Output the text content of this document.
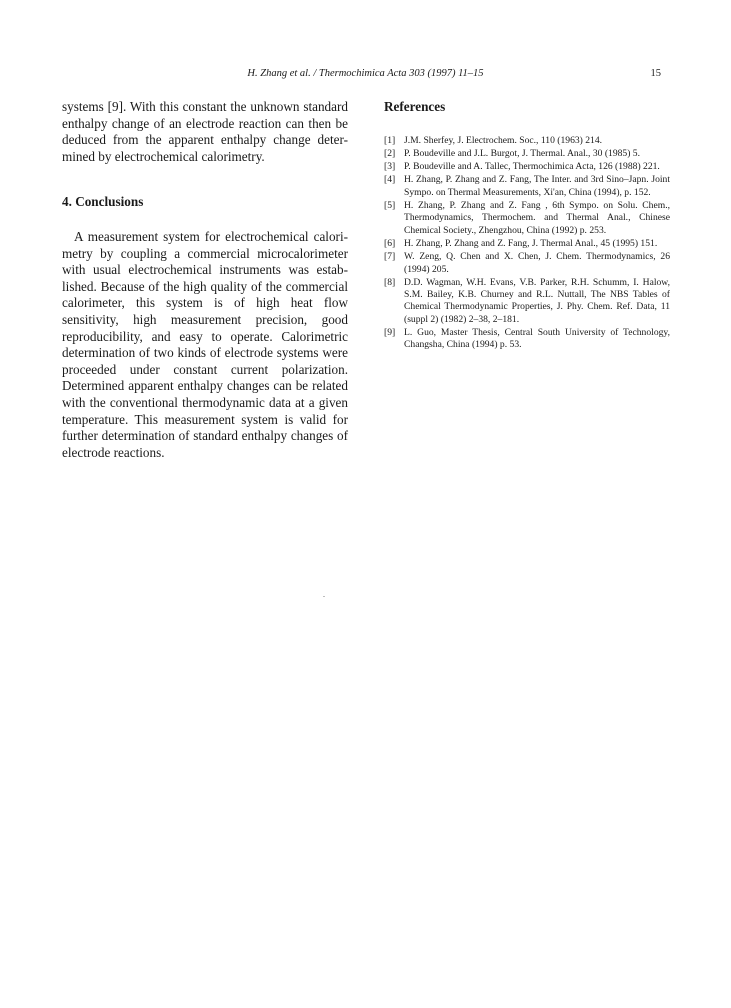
H. Zhang et al. / Thermochimica Acta 303 (1997) 11–15	15

systems [9]. With this constant the unknown standard enthalpy change of an electrode reaction can then be deduced from the apparent enthalpy change deter- mined by electrochemical calorimetry.

4. Conclusions

A measurement system for electrochemical calori- metry by coupling a commercial microcalorimeter with usual electrochemical instruments was estab- lished. Because of the high quality of the commercial calorimeter, this system is of high heat flow sensitivity, high measurement precision, good reproducibility, and easy to operate. Calorimetric determination of two kinds of electrode systems were proceeded under constant current polarization. Determined apparent enthalpy changes can be related with the conventional thermodynamic data at a given temperature. This measurement system is valid for further determination of standard enthalpy changes of electrode reactions.

References
[1] J.M. Sherfey, J. Electrochem. Soc., 110 (1963) 214.
[2] P. Boudeville and J.L. Burgot, J. Thermal. Anal., 30 (1985) 5.
[3] P. Boudeville and A. Tallec, Thermochimica Acta, 126 (1988) 221.
[4] H. Zhang, P. Zhang and Z. Fang, The Inter. and 3rd Sino–Japn. Joint Sympo. on Thermal Measurements, Xi'an, China (1994), p. 152.
[5] H. Zhang, P. Zhang and Z. Fang , 6th Sympo. on Solu. Chem., Thermodynamics, Thermochem. and Thermal Anal., Chinese Chemical Society., Zhengzhou, China (1992) p. 253.
[6] H. Zhang, P. Zhang and Z. Fang, J. Thermal Anal., 45 (1995) 151.
[7] W. Zeng, Q. Chen and X. Chen, J. Chem. Thermodynamics, 26 (1994) 205.
[8] D.D. Wagman, W.H. Evans, V.B. Parker, R.H. Schumm, I. Halow, S.M. Bailey, K.B. Churney and R.L. Nuttall, The NBS Tables of Chemical Thermodynamic Properties, J. Phy. Chem. Ref. Data, 11 (suppl 2) (1982) 2–38, 2–181.
[9] L. Guo, Master Thesis, Central South University of Technology, Changsha, China (1994) p. 53.
